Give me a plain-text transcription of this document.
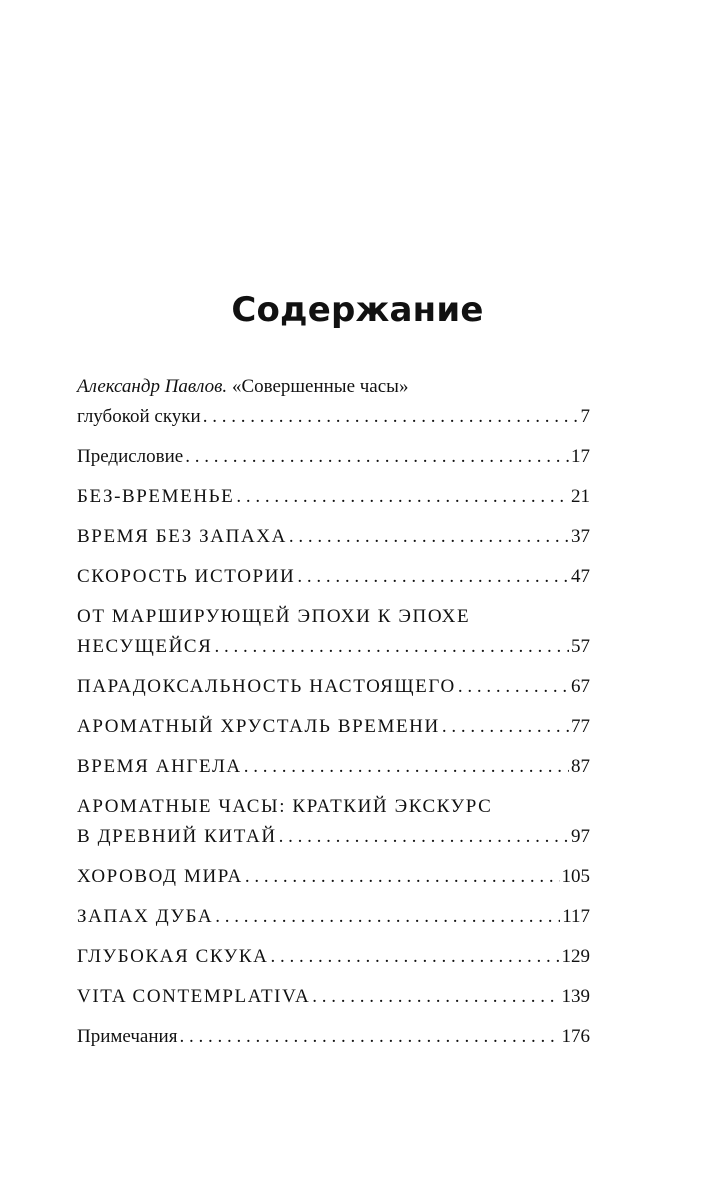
Содержание
Александр Павлов. «Совершенные часы»
глубокой скуки . . .	7
Предисловие . . .	17
БЕЗ-ВРЕМЕНЬЕ . . .	21
ВРЕМЯ БЕЗ ЗАПАХА . . .	37
СКОРОСТЬ ИСТОРИИ . . .	47
ОТ МАРШИРУЮЩЕЙ ЭПОХИ К ЭПОХЕ
НЕСУЩЕЙСЯ . . .	57
ПАРАДОКСАЛЬНОСТЬ НАСТОЯЩЕГО . . .	67
АРОМАТНЫЙ ХРУСТАЛЬ ВРЕМЕНИ . . .	77
ВРЕМЯ АНГЕЛА . . .	87
АРОМАТНЫЕ ЧАСЫ: КРАТКИЙ ЭКСКУРС
В ДРЕВНИЙ КИТАЙ . . .	97
ХОРОВОД МИРА . . .	105
ЗАПАХ ДУБА . . .	117
ГЛУБОКАЯ СКУКА . . .	129
VITA CONTEMPLATIVA . . .	139
Примечания . . .	176
